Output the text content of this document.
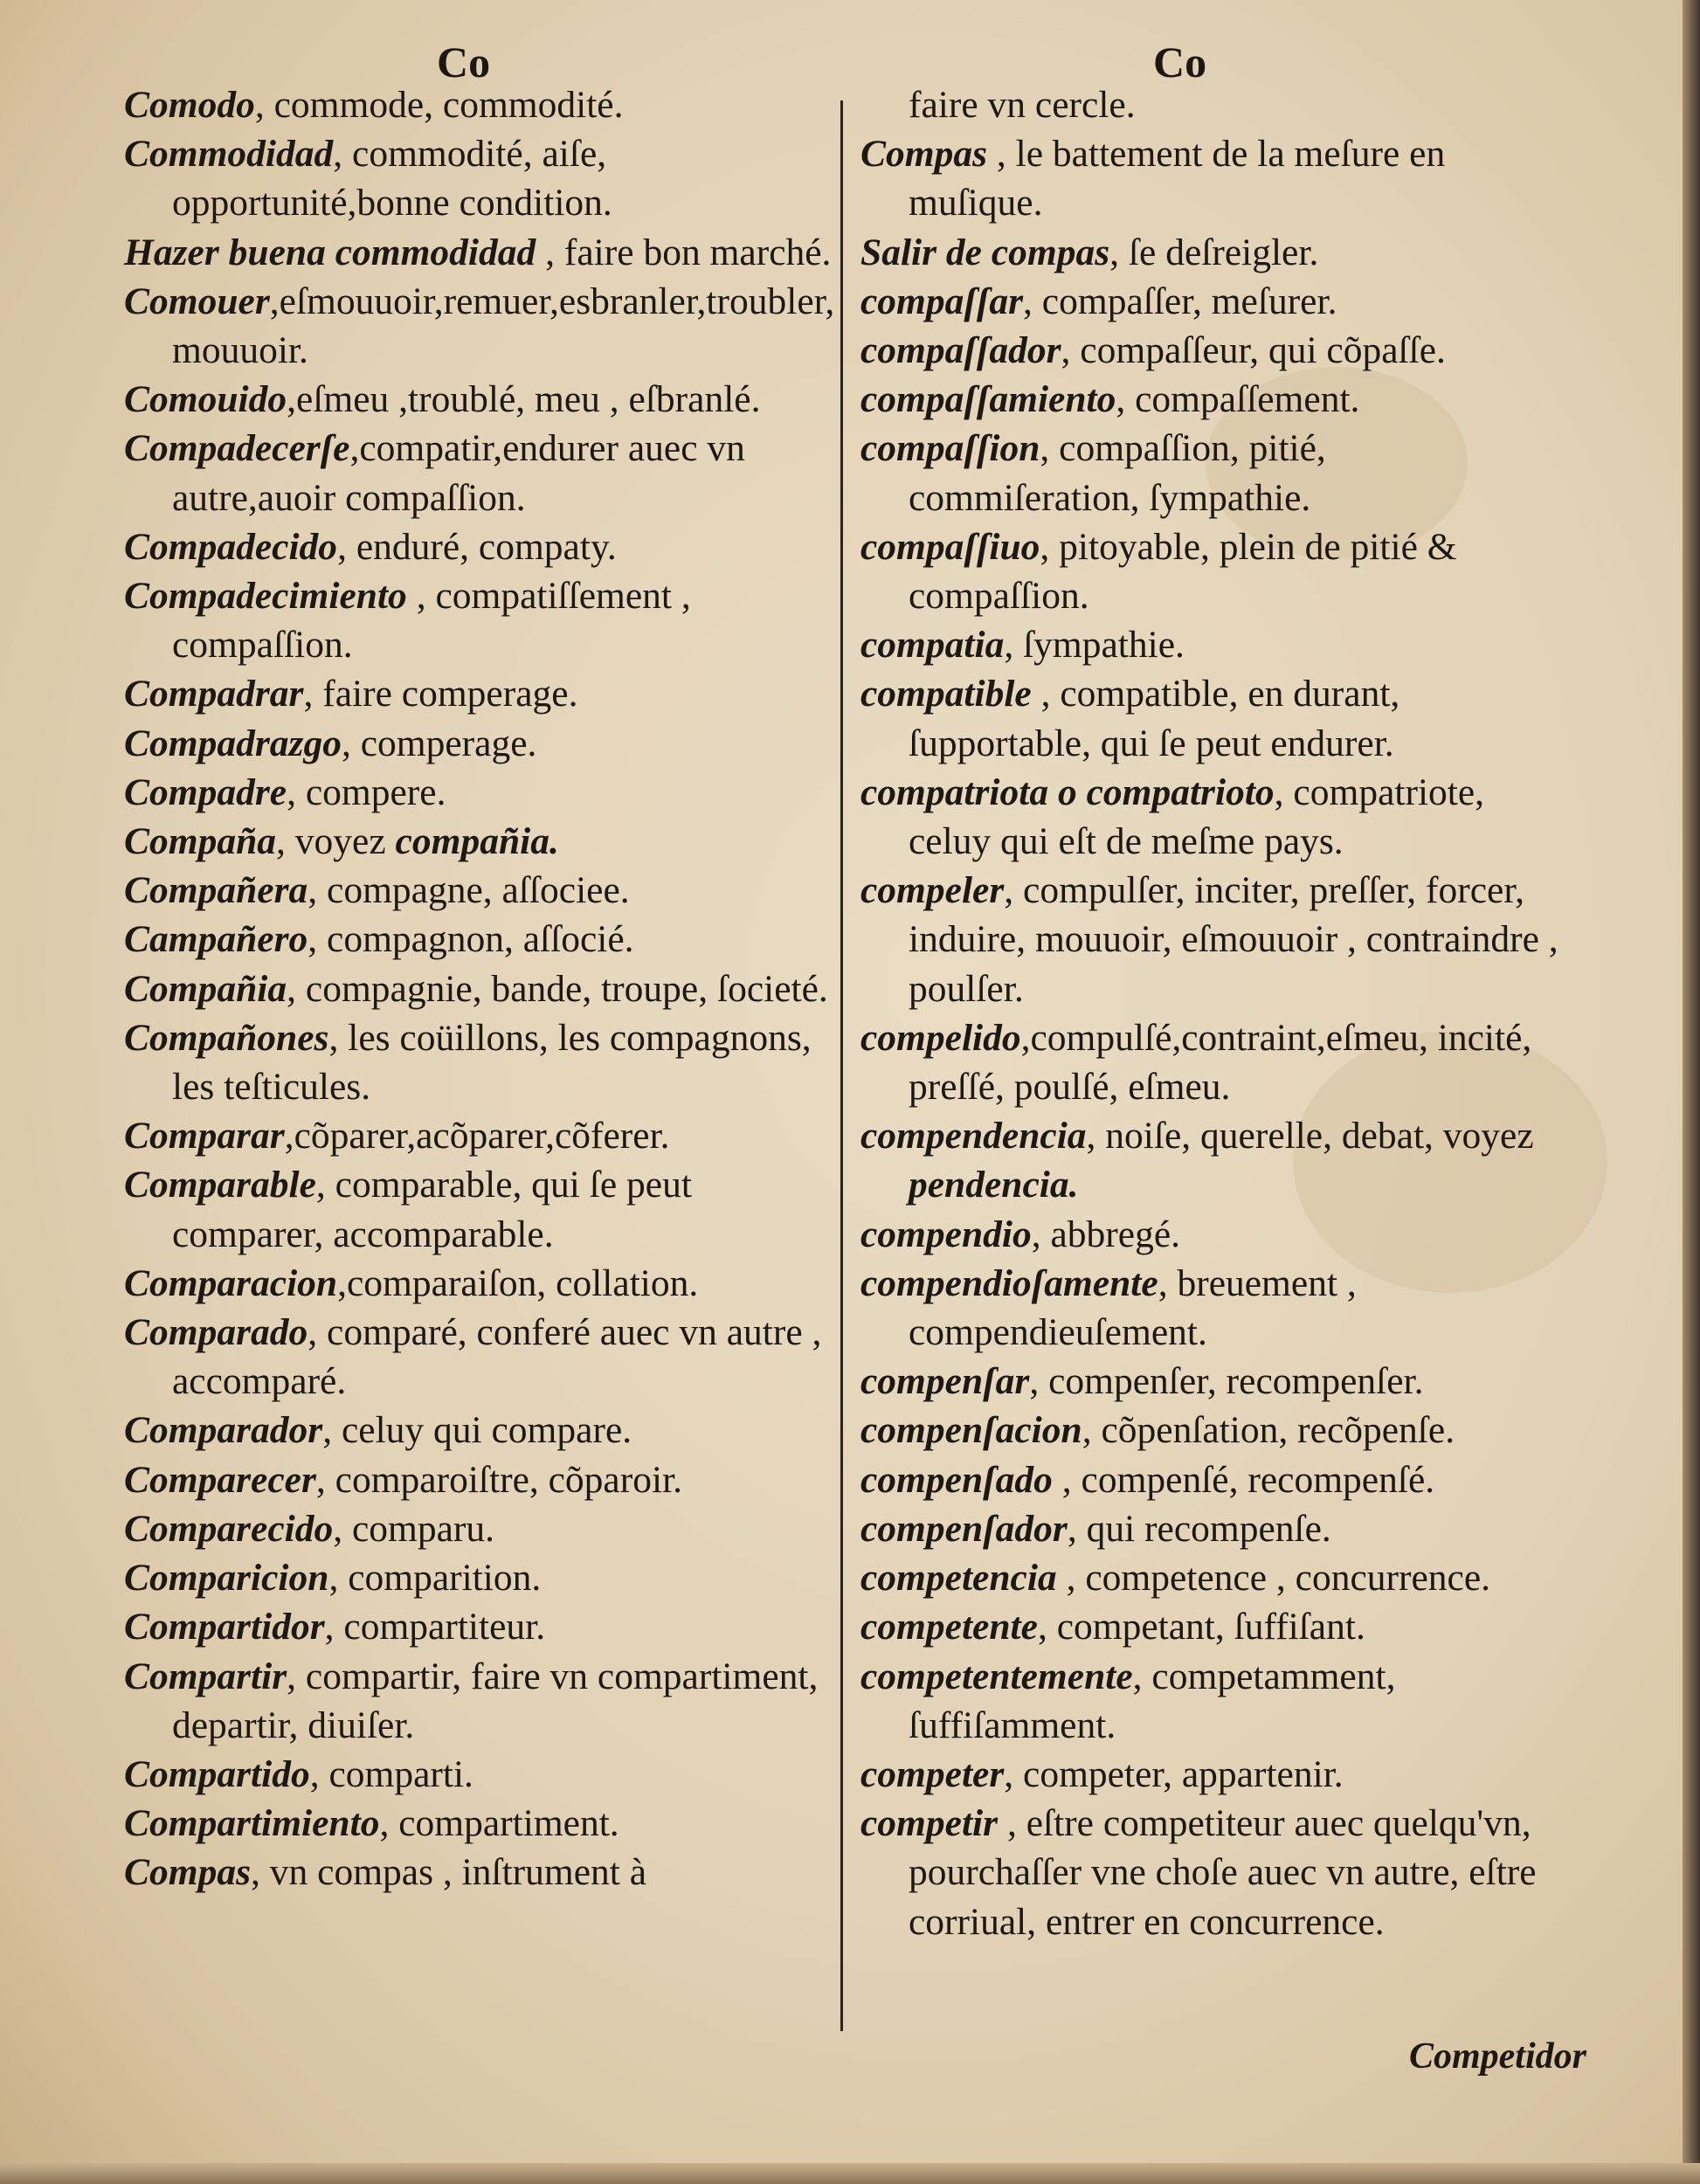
Co	Co
Comodo, commode, commodité.
Commodidad, commodité, aiſe, opportunité,bonne condition.
Hazer buena commodidad , faire bon marché.
Comouer,eſmouuoir,remuer,esbranler,troubler, mouuoir.
Comouido,eſmeu ,troublé, meu , eſbranlé.
Compadecerſe,compatir,endurer auec vn autre,auoir compaſſion.
Compadecido, enduré, compaty.
Compadecimiento , compatiſſement , compaſſion.
Compadrar, faire comperage.
Compadrazgo, comperage.
Compadre, compere.
Compaña, voyez compañia.
Compañera, compagne, aſſociee.
Campañero, compagnon, aſſocié.
Compañia, compagnie, bande, troupe, ſocieté.
Compañones, les coüillons, les compagnons, les teſticules.
Comparar,cõparer,acõparer,cõferer.
Comparable, comparable, qui ſe peut comparer, accomparable.
Comparacion,comparaiſon, collation.
Comparado, comparé, conferé auec vn autre , accomparé.
Comparador, celuy qui compare.
Comparecer, comparoiſtre, cõparoir.
Comparecido, comparu.
Comparicion, comparition.
Compartidor, compartiteur.
Compartir, compartir, faire vn compartiment, departir, diuiſer.
Compartido, comparti.
Compartimiento, compartiment.
Compas, vn compas , inſtrument à
faire vn cercle.
Compas , le battement de la meſure en muſique.
Salir de compas, ſe deſreigler.
compaſſar, compaſſer, meſurer.
compaſſador, compaſſeur, qui cõpaſſe.
compaſſamiento, compaſſement.
compaſſion, compaſſion, pitié, commiſeration, ſympathie.
compaſſiuo, pitoyable, plein de pitié & compaſſion.
compatia, ſympathie.
compatible , compatible, en durant, ſupportable, qui ſe peut endurer.
compatriota o compatrioto, compatriote, celuy qui eſt de meſme pays.
compeler, compulſer, inciter, preſſer, forcer, induire, mouuoir, eſmouuoir , contraindre , poulſer.
compelido,compulſé,contraint,eſmeu, incité, preſſé, poulſé, eſmeu.
compendencia, noiſe, querelle, debat, voyez pendencia.
compendio, abbregé.
compendioſamente, breuement , compendieuſement.
compenſar, compenſer, recompenſer.
compenſacion, cõpenſation, recõpenſe.
compenſado , compenſé, recompenſé.
compenſador, qui recompenſe.
competencia , competence , concurrence.
competente, competant, ſuffiſant.
competentemente, competamment, ſuffiſamment.
competer, competer, appartenir.
competir , eſtre competiteur auec quelqu'vn, pourchaſſer vne choſe auec vn autre, eſtre corriual, entrer en concurrence.
Competidor
